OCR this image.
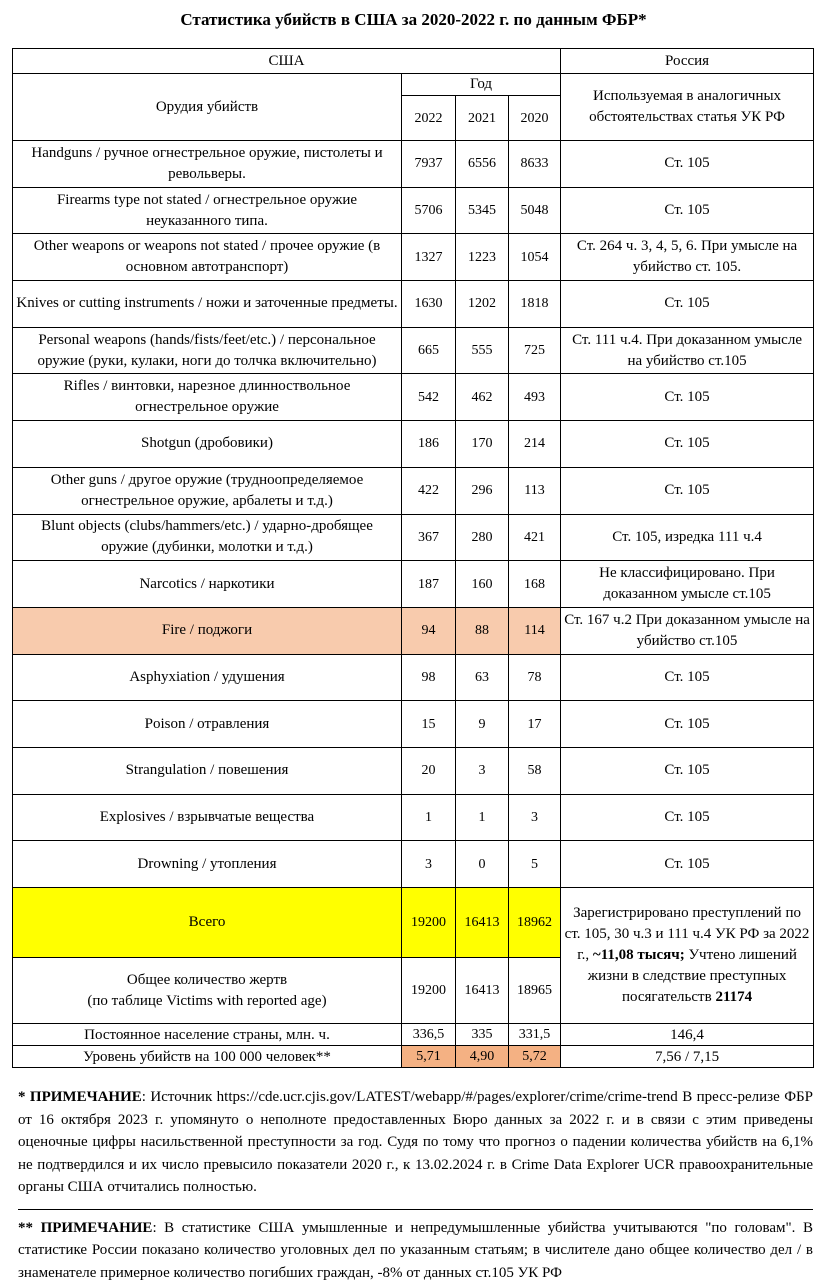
Статистика убийств в США за 2020-2022 г. по данным ФБР*
США				Россия
Орудия убийств	Год			Используемая в аналогичных обстоятельствах статья УК РФ
	2022	2021	2020	
Handguns / ручное огнестрельное оружие, пистолеты и револьверы.	7937	6556	8633	Ст. 105
Firearms type not stated / огнестрельное оружие неуказанного типа.	5706	5345	5048	Ст. 105
Other weapons or weapons not stated / прочее оружие (в основном автотранспорт)	1327	1223	1054	Ст. 264 ч. 3, 4, 5, 6. При умысле на убийство ст. 105.
Knives or cutting instruments / ножи и заточенные предметы.	1630	1202	1818	Ст. 105
Personal weapons (hands/fists/feet/etc.) / персональное оружие (руки, кулаки, ноги до толчка включительно)	665	555	725	Ст. 111 ч.4. При доказанном умысле на убийство ст.105
Rifles / винтовки, нарезное длинноствольное огнестрельное оружие	542	462	493	Ст. 105
Shotgun (дробовики)	186	170	214	Ст. 105
Other guns / другое оружие (трудноопределяемое огнестрельное оружие, арбалеты и т.д.)	422	296	113	Ст. 105
Blunt objects (clubs/hammers/etc.) / ударно-дробящее оружие (дубинки, молотки и т.д.)	367	280	421	Ст. 105, изредка 111 ч.4
Narcotics / наркотики	187	160	168	Не классифицировано. При доказанном умысле ст.105
Fire / поджоги	94	88	114	Ст. 167 ч.2 При доказанном умысле на убийство ст.105
Asphyxiation / удушения	98	63	78	Ст. 105
Poison / отравления	15	9	17	Ст. 105
Strangulation / повешения	20	3	58	Ст. 105
Explosives / взрывчатые вещества	1	1	3	Ст. 105
Drowning / утопления	3	0	5	Ст. 105
Всего	19200	16413	18962	Зарегистрировано преступлений по ст. 105, 30 ч.3 и 111 ч.4 УК РФ за 2022 г., ~11,08 тысяч; Учтено лишений жизни в следствие преступных посягательств 21174
Общее количество жертв
(по таблице Victims with reported age)	19200	16413	18965	
Постоянное население страны, млн. ч.	336,5	335	331,5	146,4
Уровень убийств на 100 000 человек**	5,71	4,90	5,72	7,56 / 7,15

* ПРИМЕЧАНИЕ: Источник https://cde.ucr.cjis.gov/LATEST/webapp/#/pages/explorer/crime/crime-trend В пресс-релизе ФБР от 16 октября 2023 г. упомянуто о неполноте предоставленных Бюро данных за 2022 г. и в связи с этим приведены оценочные цифры насильственной преступности за год. Судя по тому что прогноз о падении количества убийств на 6,1% не подтвердился и их число превысило показатели 2020 г., к 13.02.2024 г. в Crime Data Explorer UCR правоохранительные органы США отчитались полностью.

** ПРИМЕЧАНИЕ: В статистике США умышленные и непредумышленные убийства учитываются "по головам". В статистике России показано количество уголовных дел по указанным статьям; в числителе дано общее количество дел / в знаменателе примерное количество погибших граждан, -8% от данных ст.105 УК РФ
